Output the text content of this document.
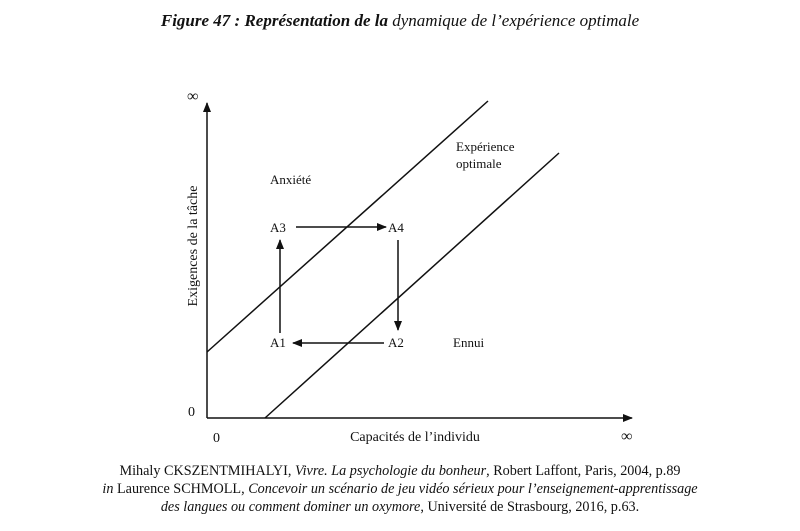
Figure 47 : Représentation de la dynamique de l’expérience optimale
∞
0
0	∞
Capacités de l’individu
Exigences de la tâche
Anxiété
Expérience
optimale
Ennui
A1	A2
A3	A4
Mihaly CKSZENTMIHALYI, Vivre. La psychologie du bonheur, Robert Laffont, Paris, 2004, p.89
in Laurence SCHMOLL, Concevoir un scénario de jeu vidéo sérieux pour l’enseignement-apprentissage
des langues ou comment dominer un oxymore, Université de Strasbourg, 2016, p.63.
